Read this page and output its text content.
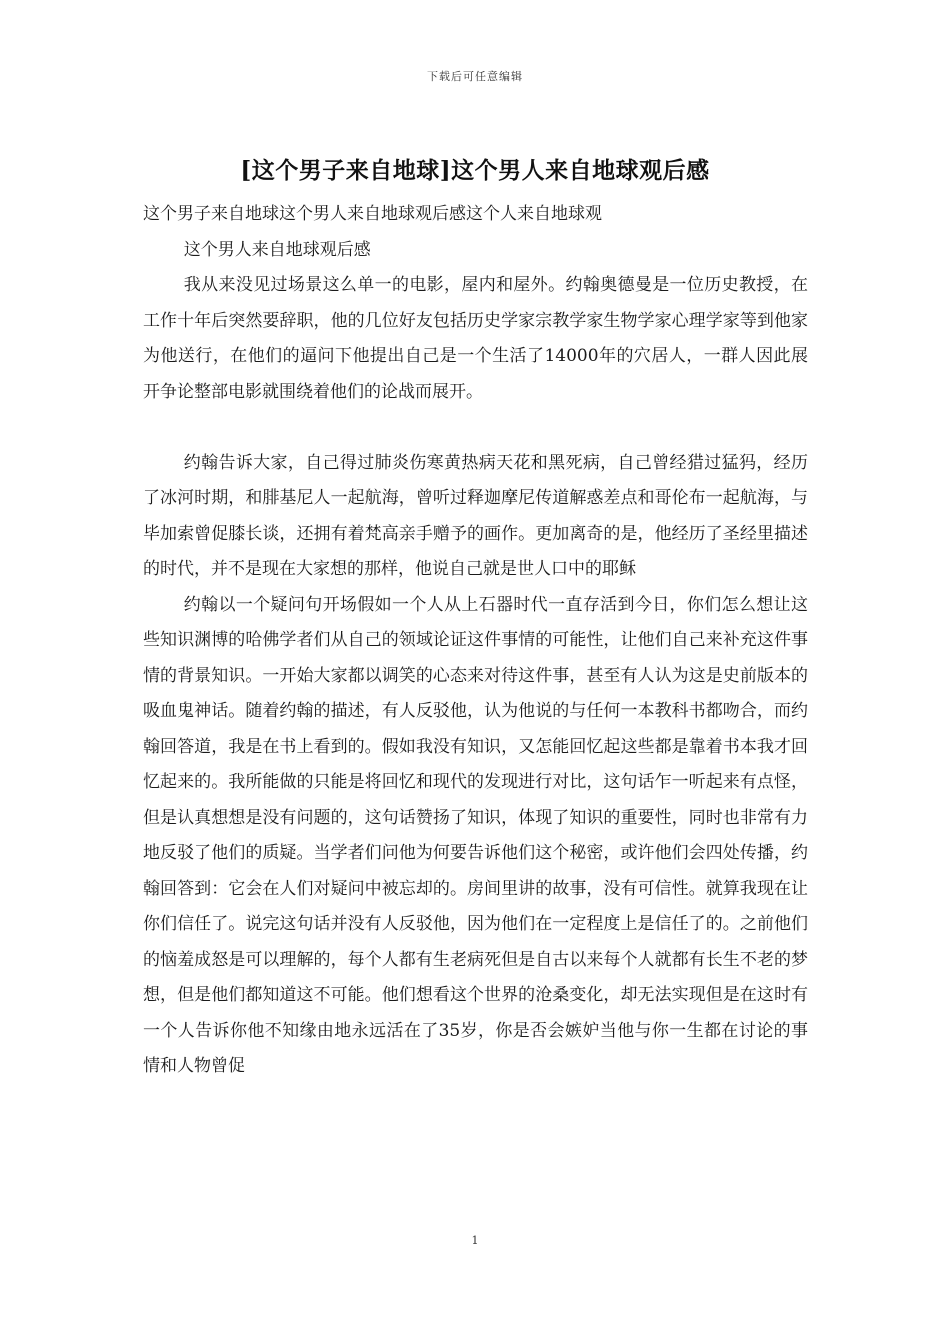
下载后可任意编辑
[这个男子来自地球]这个男人来自地球观后感

这个男子来自地球这个男人来自地球观后感这个人来自地球观

这个男人来自地球观后感

我从来没见过场景这么单一的电影，屋内和屋外。约翰奥德曼是一位历史教授，在工作十年后突然要辞职，他的几位好友包括历史学家宗教学家生物学家心理学家等到他家为他送行，在他们的逼问下他提出自己是一个生活了14000年的穴居人，一群人因此展开争论整部电影就围绕着他们的论战而展开。

约翰告诉大家，自己得过肺炎伤寒黄热病天花和黑死病，自己曾经猎过猛犸，经历了冰河时期，和腓基尼人一起航海，曾听过释迦摩尼传道解惑差点和哥伦布一起航海，与毕加索曾促膝长谈，还拥有着梵高亲手赠予的画作。更加离奇的是，他经历了圣经里描述的时代，并不是现在大家想的那样，他说自己就是世人口中的耶稣

约翰以一个疑问句开场假如一个人从上石器时代一直存活到今日，你们怎么想让这些知识渊博的哈佛学者们从自己的领域论证这件事情的可能性，让他们自己来补充这件事情的背景知识。一开始大家都以调笑的心态来对待这件事，甚至有人认为这是史前版本的吸血鬼神话。随着约翰的描述，有人反驳他，认为他说的与任何一本教科书都吻合，而约翰回答道，我是在书上看到的。假如我没有知识，又怎能回忆起这些都是靠着书本我才回忆起来的。我所能做的只能是将回忆和现代的发现进行对比，这句话乍一听起来有点怪，但是认真想想是没有问题的，这句话赞扬了知识，体现了知识的重要性，同时也非常有力地反驳了他们的质疑。当学者们问他为何要告诉他们这个秘密，或许他们会四处传播，约翰回答到：它会在人们对疑问中被忘却的。房间里讲的故事，没有可信性。就算我现在让你们信任了。说完这句话并没有人反驳他，因为他们在一定程度上是信任了的。之前他们的恼羞成怒是可以理解的，每个人都有生老病死但是自古以来每个人就都有长生不老的梦想，但是他们都知道这不可能。他们想看这个世界的沧桑变化，却无法实现但是在这时有一个人告诉你他不知缘由地永远活在了35岁，你是否会嫉妒当他与你一生都在讨论的事情和人物曾促

1
